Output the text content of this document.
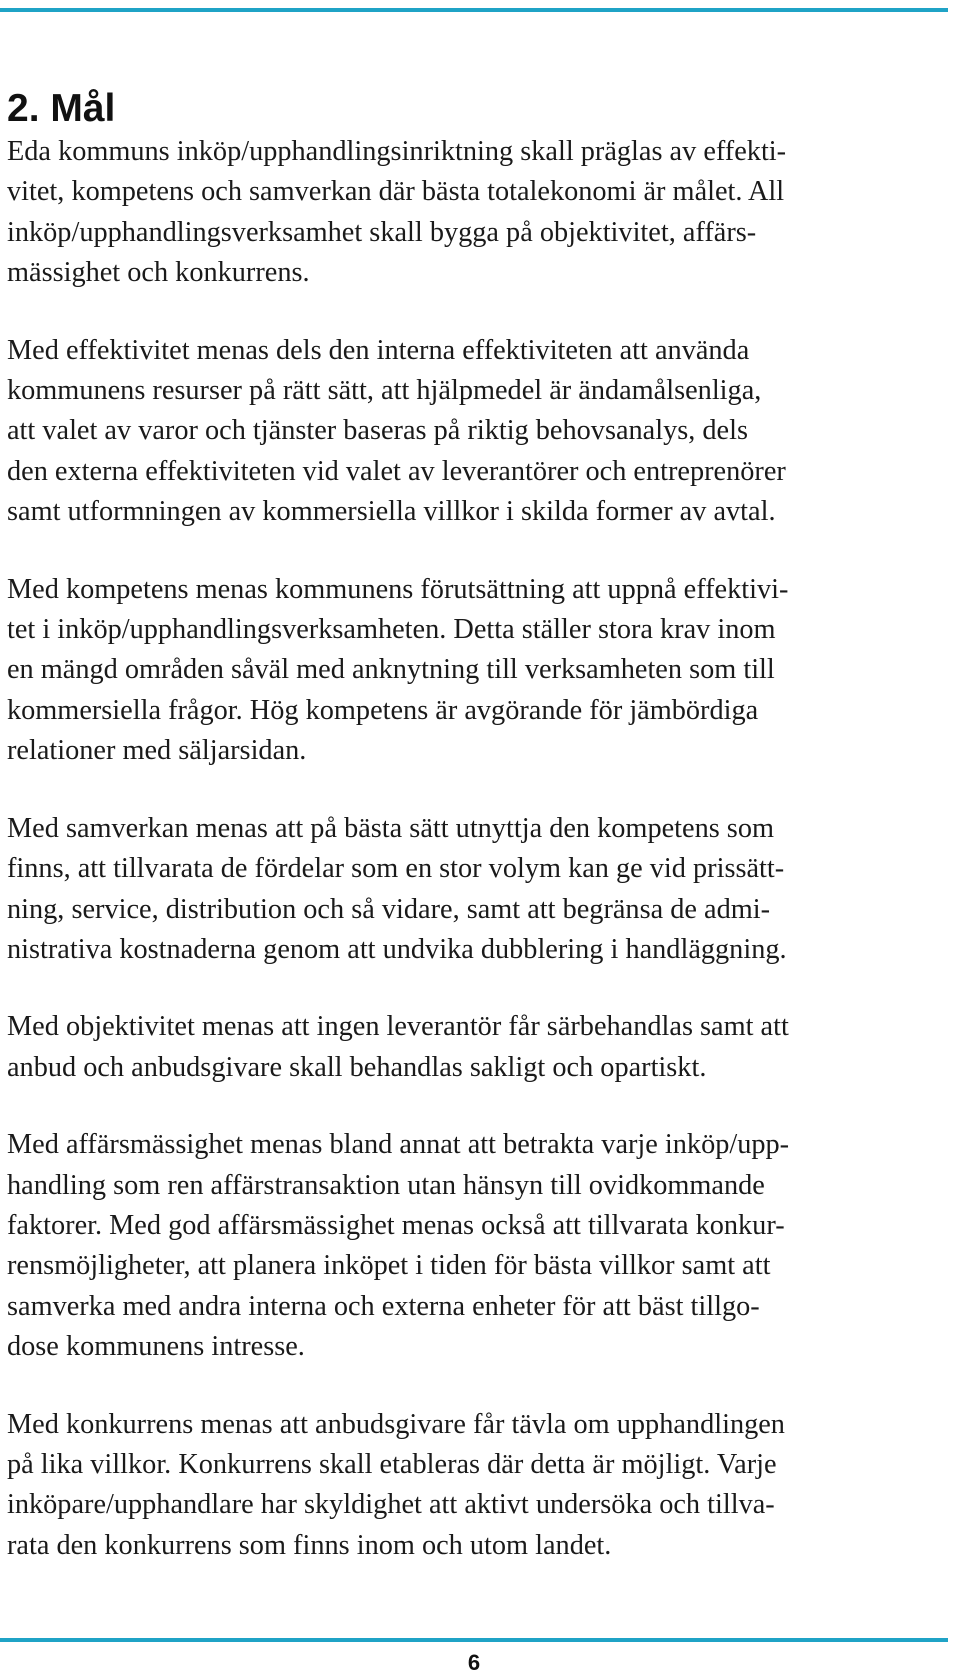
2. Mål

Eda kommuns inköp/upphandlingsinriktning skall präglas av effekti-
vitet, kompetens och samverkan där bästa totalekonomi är målet. All
inköp/upphandlingsverksamhet skall bygga på objektivitet, affärs-
mässighet och konkurrens.

Med effektivitet menas dels den interna effektiviteten att använda
kommunens resurser på rätt sätt, att hjälpmedel är ändamålsenliga,
att valet av varor och tjänster baseras på riktig behovsanalys, dels
den externa effektiviteten vid valet av leverantörer och entreprenörer
samt utformningen av kommersiella villkor i skilda former av avtal.

Med kompetens menas kommunens förutsättning att uppnå effektivi-
tet i inköp/upphandlingsverksamheten. Detta ställer stora krav inom
en mängd områden såväl med anknytning till verksamheten som till
kommersiella frågor. Hög kompetens är avgörande för jämbördiga
relationer med säljarsidan.

Med samverkan menas att på bästa sätt utnyttja den kompetens som
finns, att tillvarata de fördelar som en stor volym kan ge vid prissätt-
ning, service, distribution och så vidare, samt att begränsa de admi-
nistrativa kostnaderna genom att undvika dubblering i handläggning.

Med objektivitet menas att ingen leverantör får särbehandlas samt att
anbud och anbudsgivare skall behandlas sakligt och opartiskt.

Med affärsmässighet menas bland annat att betrakta varje inköp/upp-
handling som ren affärstransaktion utan hänsyn till ovidkommande
faktorer. Med god affärsmässighet menas också att tillvarata konkur-
rensmöjligheter, att planera inköpet i tiden för bästa villkor samt att
samverka med andra interna och externa enheter för att bäst tillgo-
dose kommunens intresse.

Med konkurrens menas att anbudsgivare får tävla om upphandlingen
på lika villkor. Konkurrens skall etableras där detta är möjligt. Varje
inköpare/upphandlare har skyldighet att aktivt undersöka och tillva-
rata den konkurrens som finns inom och utom landet.

6
